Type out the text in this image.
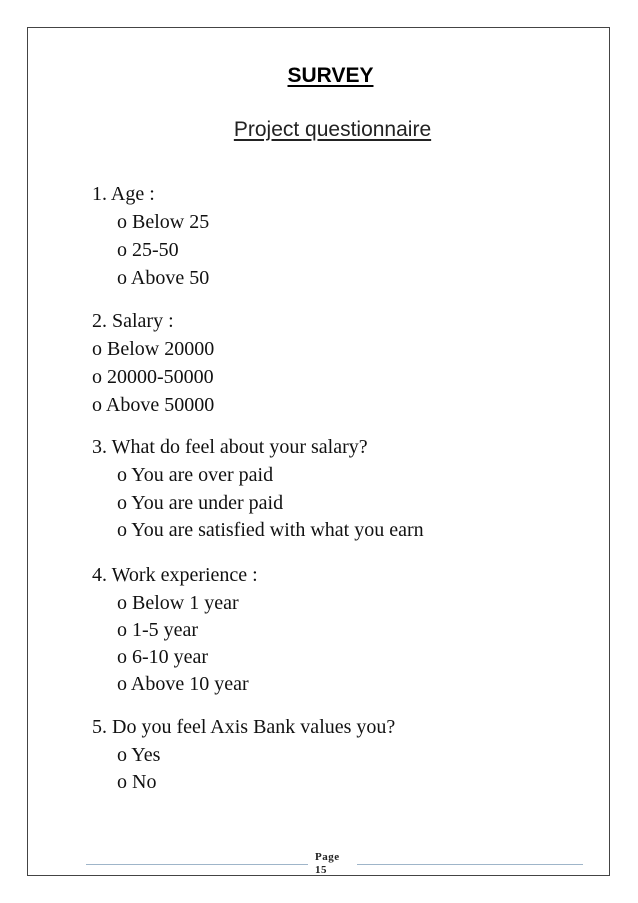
SURVEY
Project questionnaire
1. Age :
o Below 25
o 25-50
o Above 50
2. Salary :
o Below 20000
o 20000-50000
o Above 50000
3. What do feel about your salary?
o You are over paid
o You are under paid
o You are satisfied with what you earn
4. Work experience :
o Below 1 year
o 1-5 year
o 6-10 year
o Above 10 year
5. Do you feel Axis Bank values you?
o Yes
o No
Page
15
